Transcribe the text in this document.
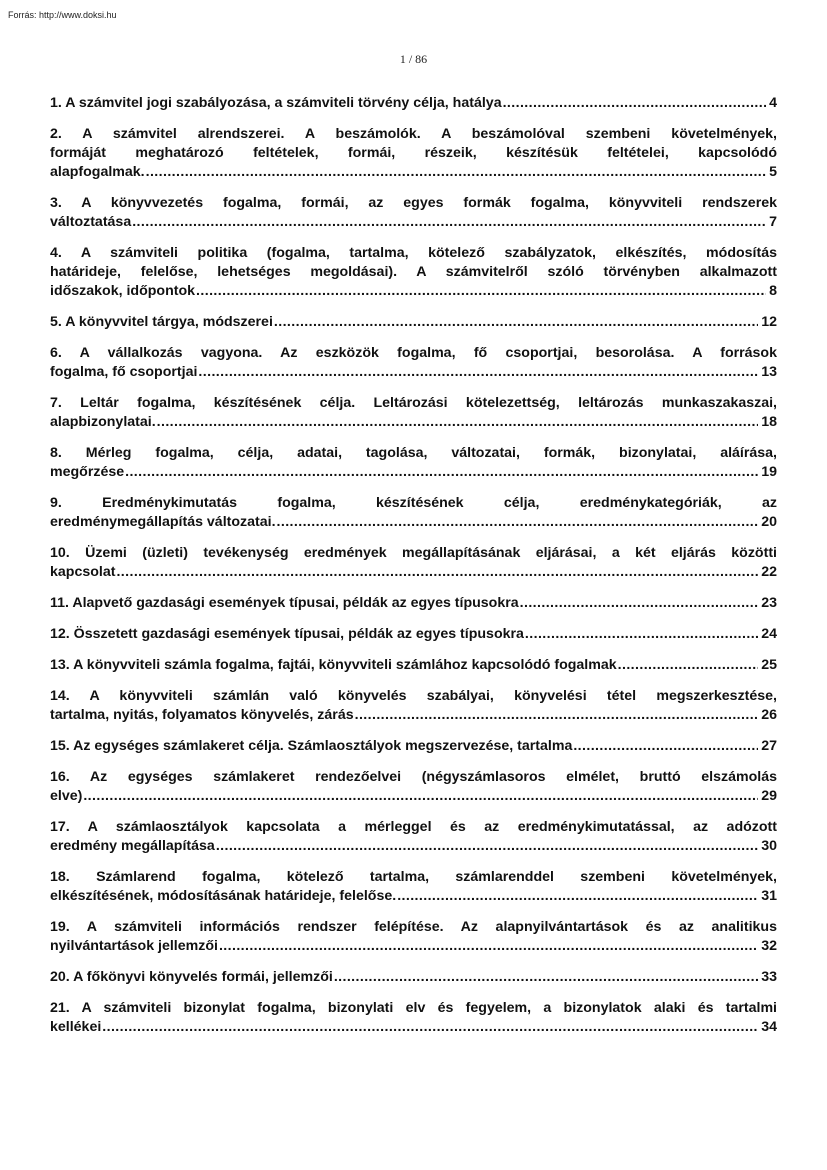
Forrás: http://www.doksi.hu
1 / 86
1. A számvitel jogi szabályozása, a számviteli törvény célja, hatálya .....	4
2. A számvitel alrendszerei. A beszámolók. A beszámolóval szembeni követelmények,
formáját meghatározó feltételek, formái, részeik, készítésük feltételei, kapcsolódó
alapfogalmak. .....	5
3. A könyvvezetés fogalma, formái, az egyes formák fogalma, könyvviteli rendszerek
változtatása .....	7
4. A számviteli politika (fogalma, tartalma, kötelező szabályzatok, elkészítés, módosítás
határideje, felelőse, lehetséges megoldásai). A számvitelről szóló törvényben alkalmazott
időszakok, időpontok .....	8
5. A könyvvitel tárgya, módszerei .....	12
6. A vállalkozás vagyona. Az eszközök fogalma, fő csoportjai, besorolása. A források
fogalma, fő csoportjai .....	13
7. Leltár fogalma, készítésének célja. Leltározási kötelezettség, leltározás munkaszakaszai,
alapbizonylatai. .....	18
8. Mérleg fogalma, célja, adatai, tagolása, változatai, formák, bizonylatai, aláírása,
megőrzése .....	19
9. Eredménykimutatás fogalma, készítésének célja, eredménykategóriák, az
eredménymegállapítás változatai. .....	20
10. Üzemi (üzleti) tevékenység eredmények megállapításának eljárásai, a két eljárás közötti
kapcsolat .....	22
11. Alapvető gazdasági események típusai, példák az egyes típusokra .....	23
12. Összetett gazdasági események típusai, példák az egyes típusokra .....	24
13. A könyvviteli számla fogalma, fajtái, könyvviteli számlához kapcsolódó fogalmak .....	25
14. A könyvviteli számlán való könyvelés szabályai, könyvelési tétel megszerkesztése,
tartalma, nyitás, folyamatos könyvelés, zárás .....	26
15. Az egységes számlakeret célja. Számlaosztályok megszervezése, tartalma .....	27
16. Az egységes számlakeret rendezőelvei (négyszámlasoros elmélet, bruttó elszámolás
elve) .....	29
17. A számlaosztályok kapcsolata a mérleggel és az eredménykimutatással, az adózott
eredmény megállapítása .....	30
18. Számlarend fogalma, kötelező tartalma, számlarenddel szembeni követelmények,
elkészítésének, módosításának határideje, felelőse. .....	31
19. A számviteli információs rendszer felépítése. Az alapnyilvántartások és az analitikus
nyilvántartások jellemzői .....	32
20. A főkönyvi könyvelés formái, jellemzői .....	33
21. A számviteli bizonylat fogalma, bizonylati elv és fegyelem, a bizonylatok alaki és tartalmi
kellékei .....	34
